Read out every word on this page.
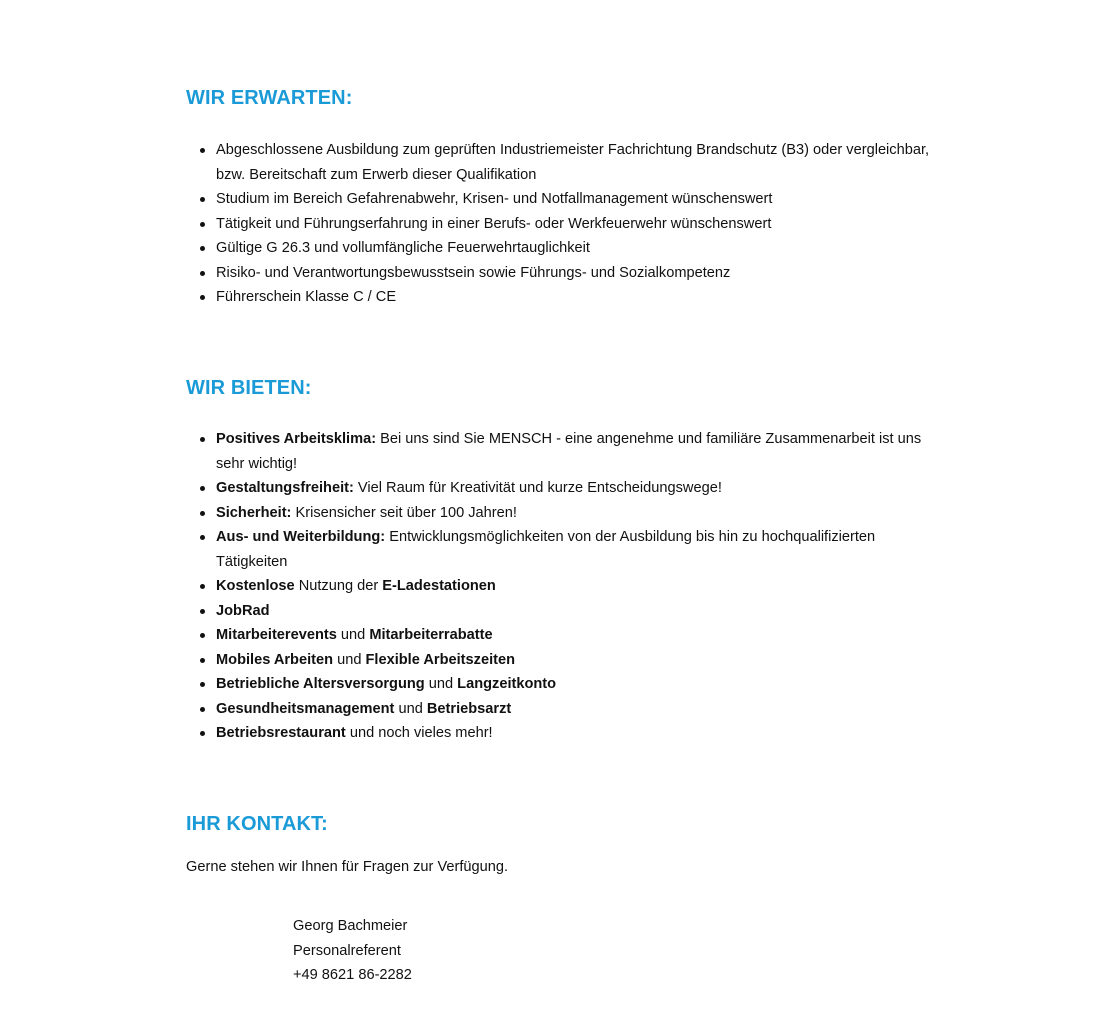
WIR ERWARTEN:
Abgeschlossene Ausbildung zum geprüften Industriemeister Fachrichtung Brandschutz (B3) oder vergleichbar, bzw. Bereitschaft zum Erwerb dieser Qualifikation
Studium im Bereich Gefahrenabwehr, Krisen- und Notfallmanagement wünschenswert
Tätigkeit und Führungserfahrung in einer Berufs- oder Werkfeuerwehr wünschenswert
Gültige G 26.3 und vollumfängliche Feuerwehrtauglichkeit
Risiko- und Verantwortungsbewusstsein sowie Führungs- und Sozialkompetenz
Führerschein Klasse C / CE
WIR BIETEN:
Positives Arbeitsklima: Bei uns sind Sie MENSCH - eine angenehme und familiäre Zusammenarbeit ist uns sehr wichtig!
Gestaltungsfreiheit: Viel Raum für Kreativität und kurze Entscheidungswege!
Sicherheit: Krisensicher seit über 100 Jahren!
Aus- und Weiterbildung: Entwicklungsmöglichkeiten von der Ausbildung bis hin zu hochqualifizierten Tätigkeiten
Kostenlose Nutzung der E-Ladestationen
JobRad
Mitarbeiterevents und Mitarbeiterrabatte
Mobiles Arbeiten und Flexible Arbeitszeiten
Betriebliche Altersversorgung und Langzeitkonto
Gesundheitsmanagement und Betriebsarzt
Betriebsrestaurant und noch vieles mehr!
IHR KONTAKT:

Gerne stehen wir Ihnen für Fragen zur Verfügung.

Georg Bachmeier
Personalreferent
+49 8621 86-2282
